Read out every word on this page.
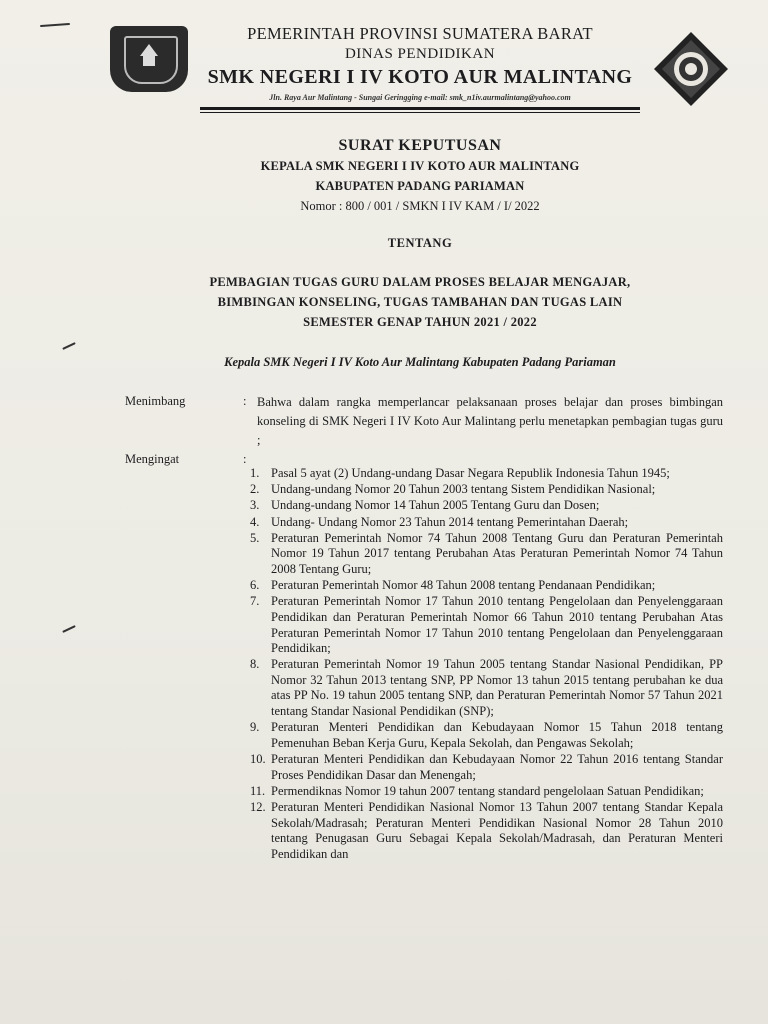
PEMERINTAH PROVINSI SUMATERA BARAT
DINAS PENDIDIKAN
SMK NEGERI I IV KOTO AUR MALINTANG
Jln. Raya Aur Malintang - Sungai Geringging e-mail: smk_n1iv.aurmalintang@yahoo.com
SURAT KEPUTUSAN
KEPALA SMK NEGERI I IV KOTO AUR MALINTANG
KABUPATEN PADANG PARIAMAN
Nomor : 800 / 001 / SMKN I IV KAM / I/ 2022
TENTANG
PEMBAGIAN TUGAS GURU DALAM PROSES BELAJAR MENGAJAR,
BIMBINGAN KONSELING, TUGAS TAMBAHAN DAN TUGAS LAIN
SEMESTER GENAP TAHUN 2021 / 2022
Kepala SMK Negeri I IV Koto Aur Malintang Kabupaten Padang Pariaman
Menimbang	: Bahwa dalam rangka memperlancar pelaksanaan proses belajar dan proses bimbingan konseling di SMK Negeri I IV Koto Aur Malintang perlu menetapkan pembagian tugas guru ;
Mengingat	:
1. Pasal 5 ayat (2) Undang-undang Dasar Negara Republik Indonesia Tahun 1945;
2. Undang-undang Nomor 20 Tahun 2003 tentang Sistem Pendidikan Nasional;
3. Undang-undang Nomor 14 Tahun 2005 Tentang Guru dan Dosen;
4. Undang- Undang Nomor 23 Tahun 2014 tentang Pemerintahan Daerah;
5. Peraturan Pemerintah Nomor 74 Tahun 2008 Tentang Guru dan Peraturan Pemerintah Nomor 19 Tahun 2017 tentang Perubahan Atas Peraturan Pemerintah Nomor 74 Tahun 2008 Tentang Guru;
6. Peraturan Pemerintah Nomor 48 Tahun 2008 tentang Pendanaan Pendidikan;
7. Peraturan Pemerintah Nomor 17 Tahun 2010 tentang Pengelolaan dan Penyelenggaraan Pendidikan dan Peraturan Pemerintah Nomor 66 Tahun 2010 tentang Perubahan Atas Peraturan Pemerintah Nomor 17 Tahun 2010 tentang Pengelolaan dan Penyelenggaraan Pendidikan;
8. Peraturan Pemerintah Nomor 19 Tahun 2005 tentang Standar Nasional Pendidikan, PP Nomor 32 Tahun 2013 tentang SNP, PP Nomor 13 tahun 2015 tentang perubahan ke dua atas PP No. 19 tahun 2005 tentang SNP, dan Peraturan Pemerintah Nomor 57 Tahun 2021 tentang Standar Nasional Pendidikan (SNP);
9. Peraturan Menteri Pendidikan dan Kebudayaan Nomor 15 Tahun 2018 tentang Pemenuhan Beban Kerja Guru, Kepala Sekolah, dan Pengawas Sekolah;
10. Peraturan Menteri Pendidikan dan Kebudayaan Nomor 22 Tahun 2016 tentang Standar Proses Pendidikan Dasar dan Menengah;
11. Permendiknas Nomor 19 tahun 2007 tentang standard pengelolaan Satuan Pendidikan;
12. Peraturan Menteri Pendidikan Nasional Nomor 13 Tahun 2007 tentang Standar Kepala Sekolah/Madrasah; Peraturan Menteri Pendidikan Nasional Nomor 28 Tahun 2010 tentang Penugasan Guru Sebagai Kepala Sekolah/Madrasah, dan Peraturan Menteri Pendidikan dan
